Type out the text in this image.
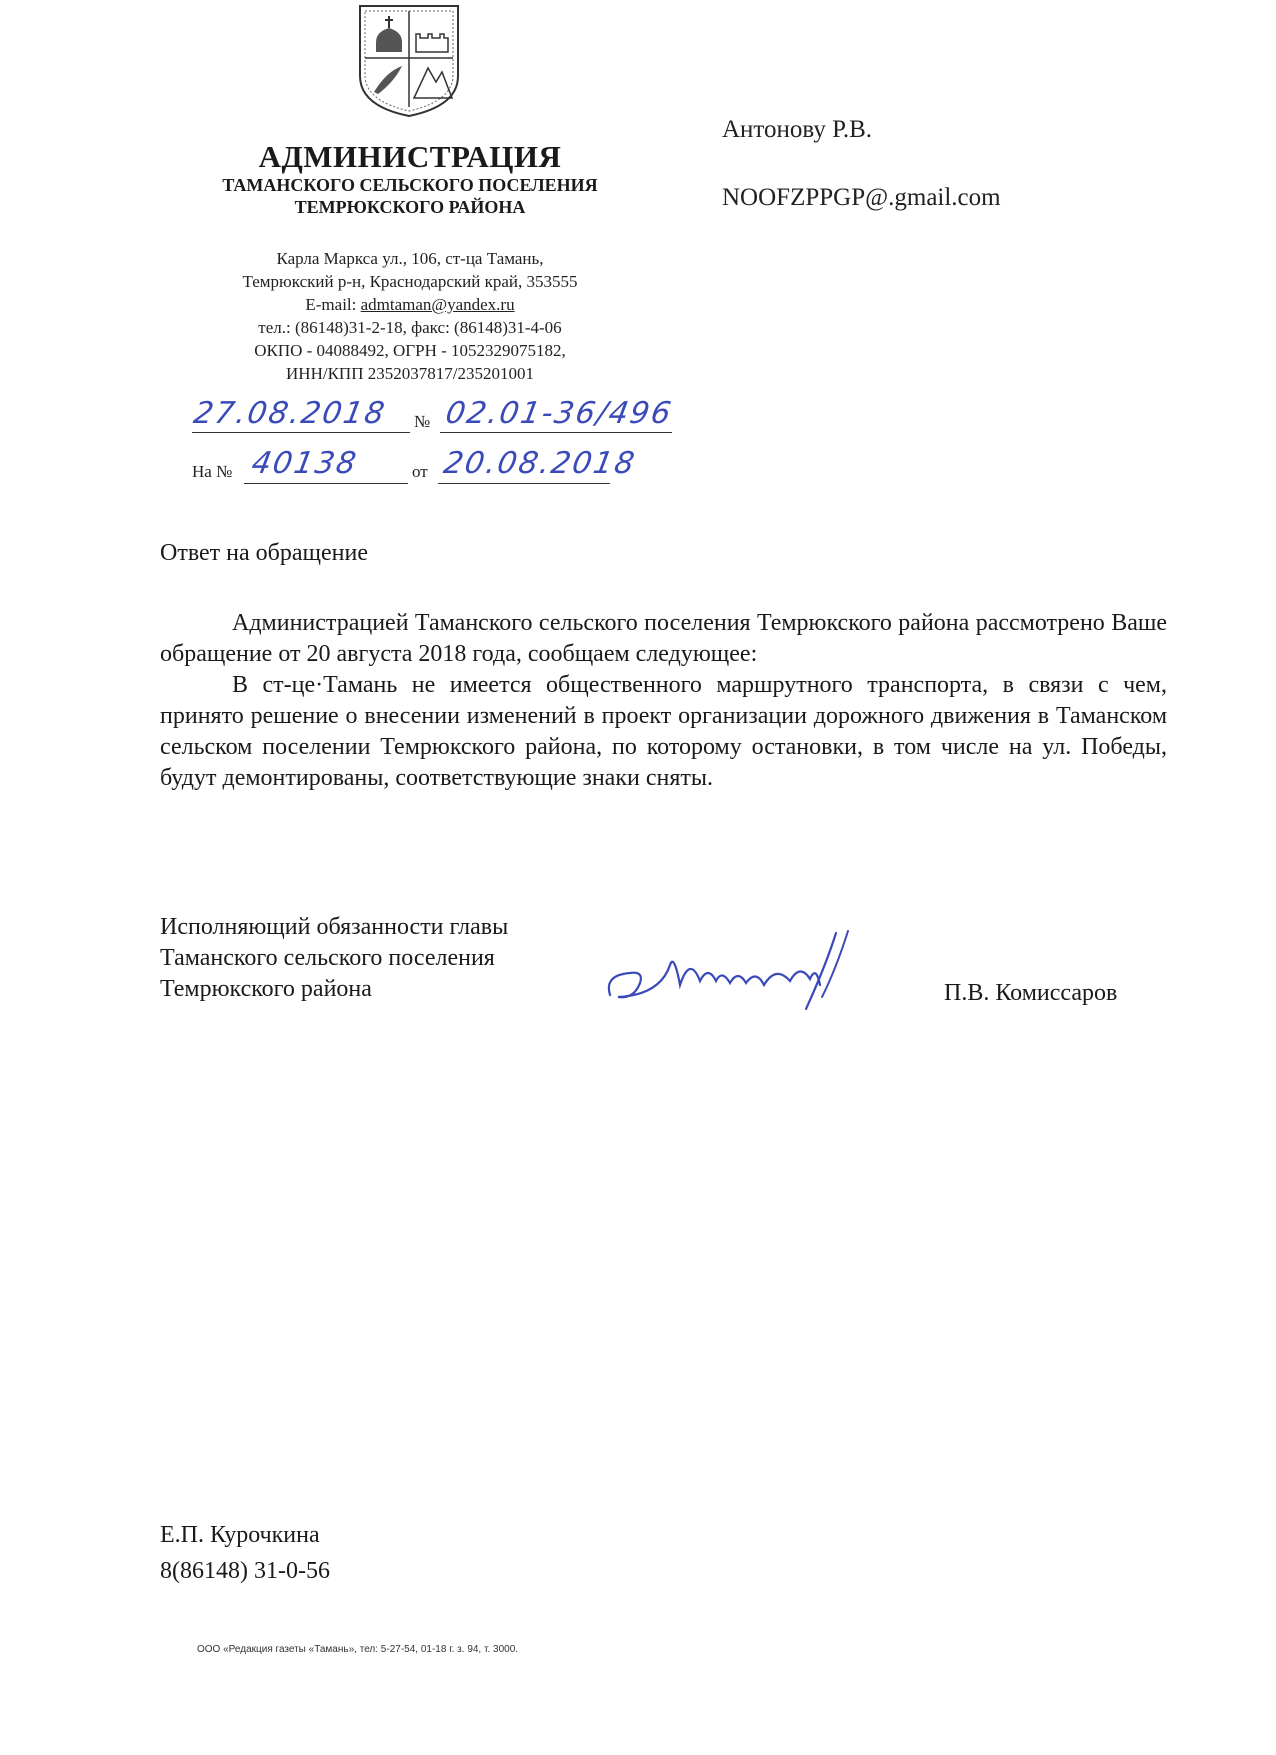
АДМИНИСТРАЦИЯ
ТАМАНСКОГО СЕЛЬСКОГО ПОСЕЛЕНИЯ
ТЕМРЮКСКОГО РАЙОНА
Карла Маркса ул., 106, ст-ца Тамань,
Темрюкский р-н, Краснодарский край, 353555
E-mail: admtaman@yandex.ru
тел.: (86148)31-2-18, факс: (86148)31-4-06
ОКПО - 04088492, ОГРН - 1052329075182,
ИНН/КПП 2352037817/235201001
27.08.2018 № 02.01-36/496
На № 40138	от 20.08.2018
Антонову Р.В.
NOOFZPPGP@.gmail.com
Ответ на обращение

Администрацией Таманского сельского поселения Темрюкского района рассмотрено Ваше обращение от 20 августа 2018 года, сообщаем следующее:

В ст-це·Тамань не имеется общественного маршрутного транспорта, в связи с чем, принято решение о внесении изменений в проект организации дорожного движения в Таманском сельском поселении Темрюкского района, по которому остановки, в том числе на ул. Победы, будут демонтированы, соответствующие знаки сняты.

Исполняющий обязанности главы
Таманского сельского поселения
Темрюкского района	П.В. Комиссаров
Е.П. Курочкина
8(86148) 31-0-56
ООО «Редакция газеты «Тамань», тел: 5-27-54, 01-18 г. з. 94, т. 3000.
